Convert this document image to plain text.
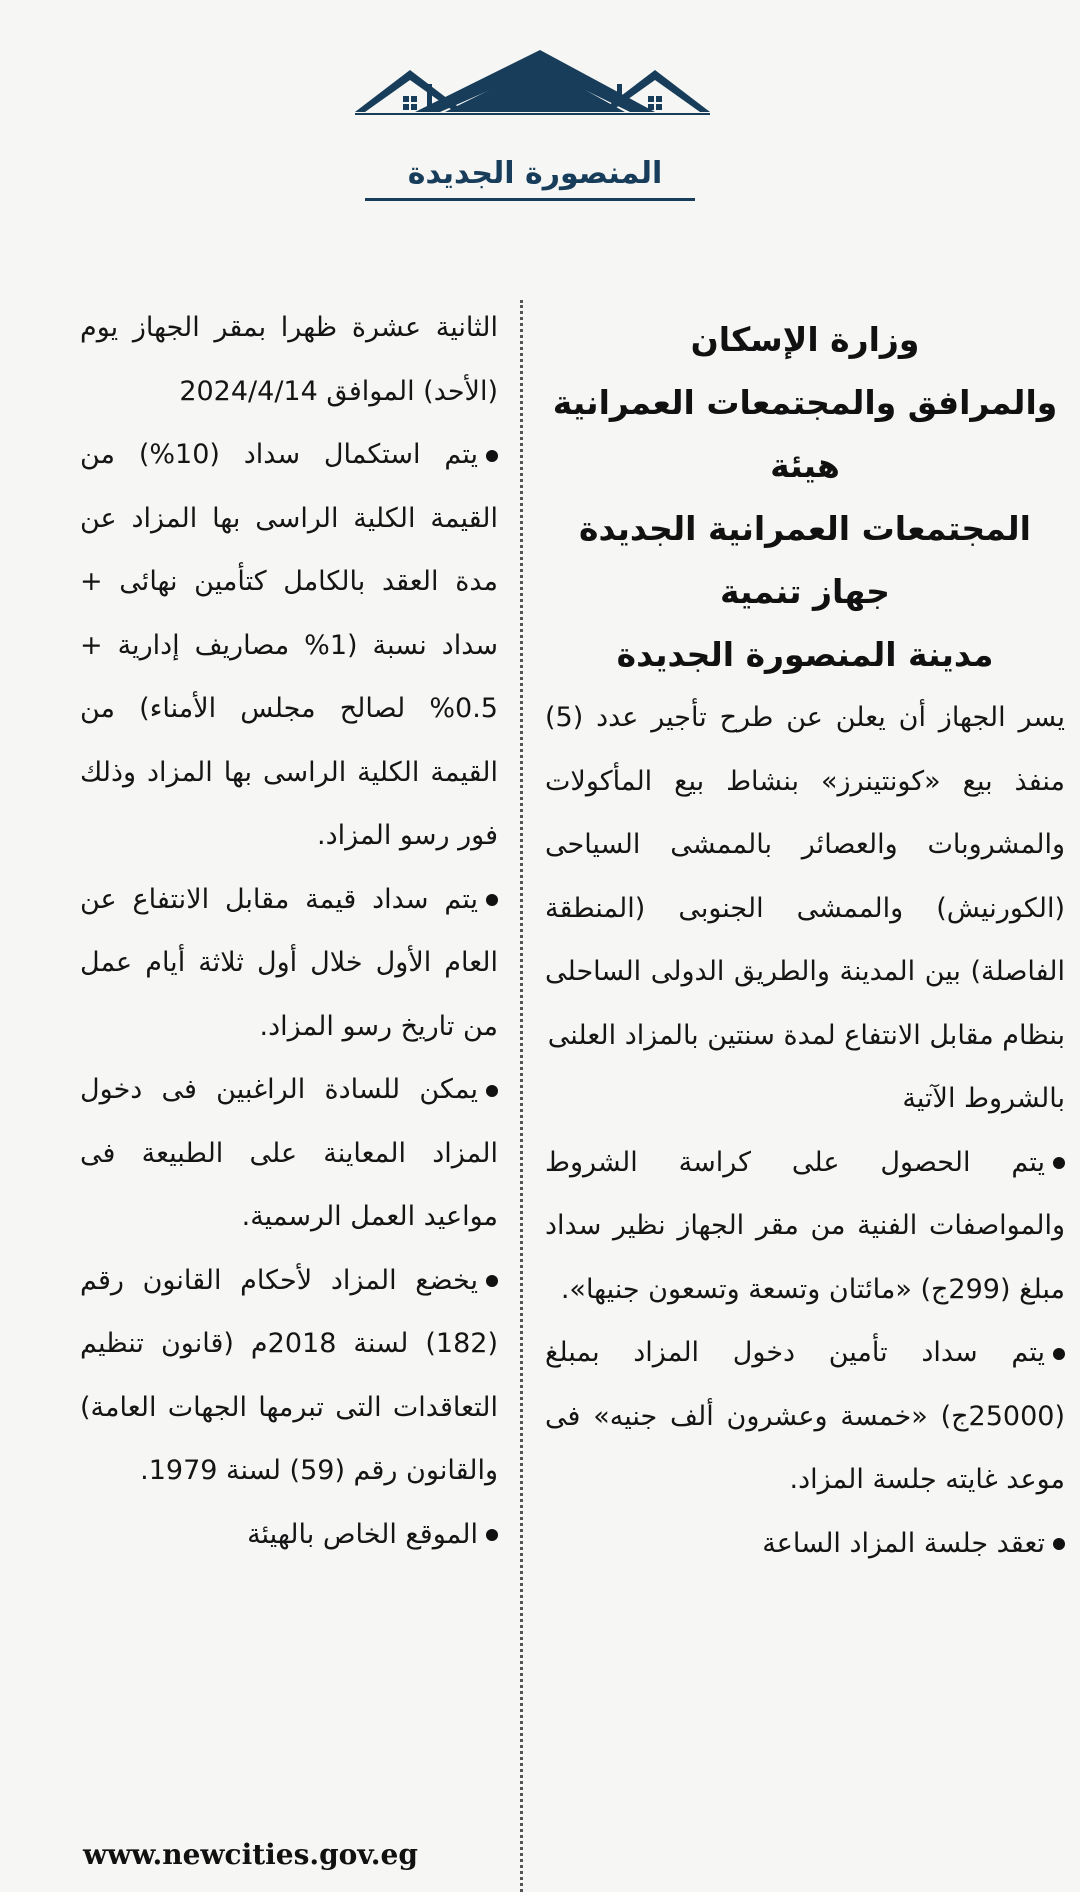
المنصورة الجديدة
وزارة الإسكان
والمرافق والمجتمعات العمرانية
هيئة
المجتمعات العمرانية الجديدة
جهاز تنمية
مدينة المنصورة الجديدة

يسر الجهاز أن يعلن عن طرح تأجير عدد (5) منفذ بيع «كونتينرز» بنشاط بيع المأكولات والمشروبات والعصائر بالممشى السياحى (الكورنيش) والممشى الجنوبى (المنطقة الفاصلة) بين المدينة والطريق الدولى الساحلى بنظام مقابل الانتفاع لمدة سنتين بالمزاد العلنى

بالشروط الآتية

يتم الحصول على كراسة الشروط والمواصفات الفنية من مقر الجهاز نظير سداد مبلغ (299ج) «مائتان وتسعة وتسعون جنيها».

يتم سداد تأمين دخول المزاد بمبلغ (25000ج) «خمسة وعشرون ألف جنيه» فى موعد غايته جلسة المزاد.

تعقد جلسة المزاد الساعة

الثانية عشرة ظهرا بمقر الجهاز يوم (الأحد) الموافق 2024/4/14

يتم استكمال سداد (10%) من القيمة الكلية الراسى بها المزاد عن مدة العقد بالكامل كتأمين نهائى + سداد نسبة (1% مصاريف إدارية + 0.5% لصالح مجلس الأمناء) من القيمة الكلية الراسى بها المزاد وذلك فور رسو المزاد.

يتم سداد قيمة مقابل الانتفاع عن العام الأول خلال أول ثلاثة أيام عمل من تاريخ رسو المزاد.

يمكن للسادة الراغبين فى دخول المزاد المعاينة على الطبيعة فى مواعيد العمل الرسمية.

يخضع المزاد لأحكام القانون رقم (182) لسنة 2018م (قانون تنظيم التعاقدات التى تبرمها الجهات العامة) والقانون رقم (59) لسنة 1979.

الموقع الخاص بالهيئة

www.newcities.gov.eg
